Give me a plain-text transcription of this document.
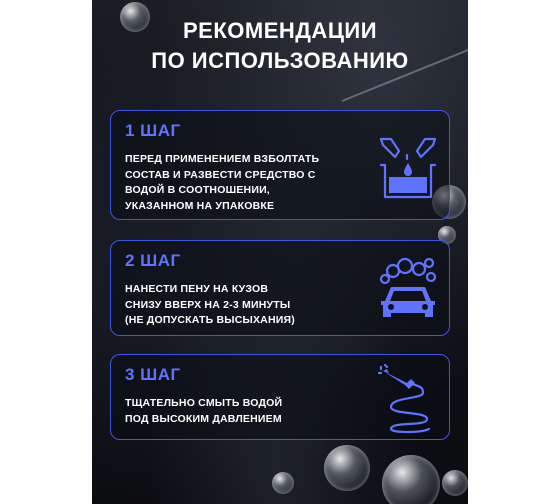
РЕКОМЕНДАЦИИ
ПО ИСПОЛЬЗОВАНИЮ
1 ШАГ
ПЕРЕД ПРИМЕНЕНИЕМ ВЗБОЛТАТЬ
СОСТАВ И РАЗВЕСТИ СРЕДСТВО С
ВОДОЙ В СООТНОШЕНИИ,
УКАЗАННОМ НА УПАКОВКЕ
2 ШАГ
НАНЕСТИ ПЕНУ НА КУЗОВ
СНИЗУ ВВЕРХ НА 2-3 МИНУТЫ
(НЕ ДОПУСКАТЬ ВЫСЫХАНИЯ)
3 ШАГ
ТЩАТЕЛЬНО СМЫТЬ ВОДОЙ
ПОД ВЫСОКИМ ДАВЛЕНИЕМ
